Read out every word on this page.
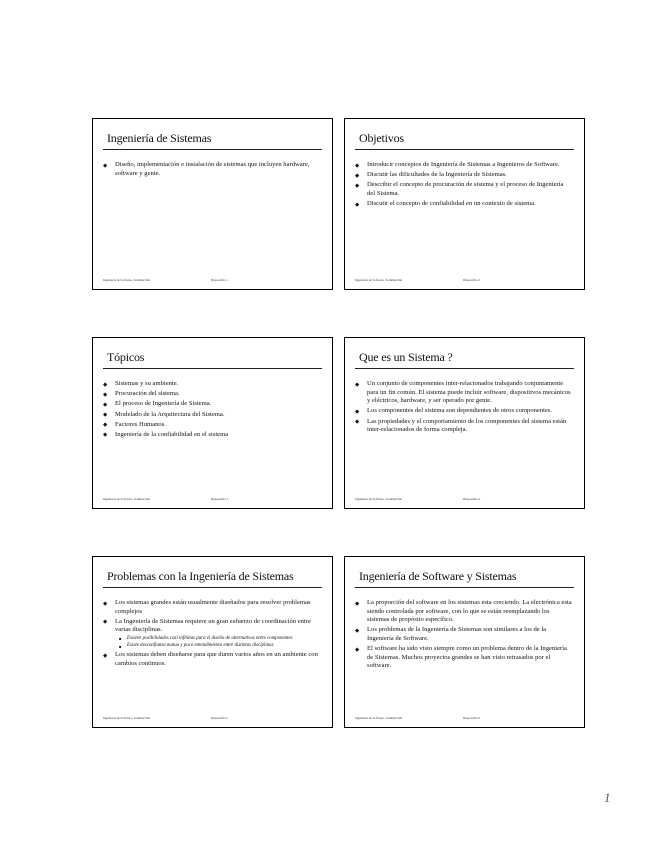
Ingeniería de Sistemas
◆ Diseño, implementación e instalación de sistemas que incluyen hardware, software y gente.
Ingeniería de Software, Sommerville	Diapositiva 1
Objetivos
◆ Introducir conceptos de Ingeniería de Sistemas a Ingenieros de Software.
◆ Discutir las dificultades de la Ingeniería de Sistemas.
◆ Describir el concepto de procuración de sistema y el proceso de Ingeniería del Sistema.
◆ Discutir el concepto de confiabilidad en un contexto de sistema.
Ingeniería de Software, Sommerville	Diapositiva 2
Tópicos
◆ Sistemas y su ambiente.
◆ Procuración del sistema.
◆ El proceso de Ingeniería de Sistema.
◆ Modelado de la Arquitectura del Sistema.
◆ Factores Humanos.
◆ Ingeniería de la confiabilidad en el sistema
Ingeniería de Software, Sommerville	Diapositiva 3
Que es un Sistema ?
◆ Un conjunto de componentes inter-relacionados trabajando conjuntamente para un fin común. El sistema puede incluir software, dispositivos mecánicos y eléctricos, hardware, y ser operado por gente.
◆ Los componentes del sistema son dependientes de otros componentes.
◆ Las propiedades y el comportamiento de los componentes del sistema están inter-relacionados de forma compleja.
Ingeniería de Software, Sommerville	Diapositiva 4
Problemas con la Ingeniería de Sistemas
◆ Los sistemas grandes están usualmente diseñados para resolver problemas complejos
◆ La Ingeniería de Sistemas requiere un gran esfuerzo de coordinación entre varias disciplinas.
■ Existen posibilidades casi infinitas para el diseño de alternativas entre componentes
■ Existe desconfianza mutua y poco entendimiento entre distintas disciplinas
◆ Los sistemas deben diseñarse para que duren varios años en un ambiente con cambios continuos.
Ingeniería de Software, Sommerville	Diapositiva 5
Ingeniería de Software y Sistemas
◆ La proporción del software en los sistemas esta creciendo. La electrónica esta siendo controlada por software, con lo que se están reemplazando los sistemas de propósito específico.
◆ Los problemas de la Ingeniería de Sistemas son similares a los de la Ingeniería de Software.
◆ El software ha sido visto siempre como un problema dentro de la Ingeniería de Sistemas. Muchos proyectos grandes se han visto retrasados por el software.
Ingeniería de Software, Sommerville	Diapositiva 6
1
